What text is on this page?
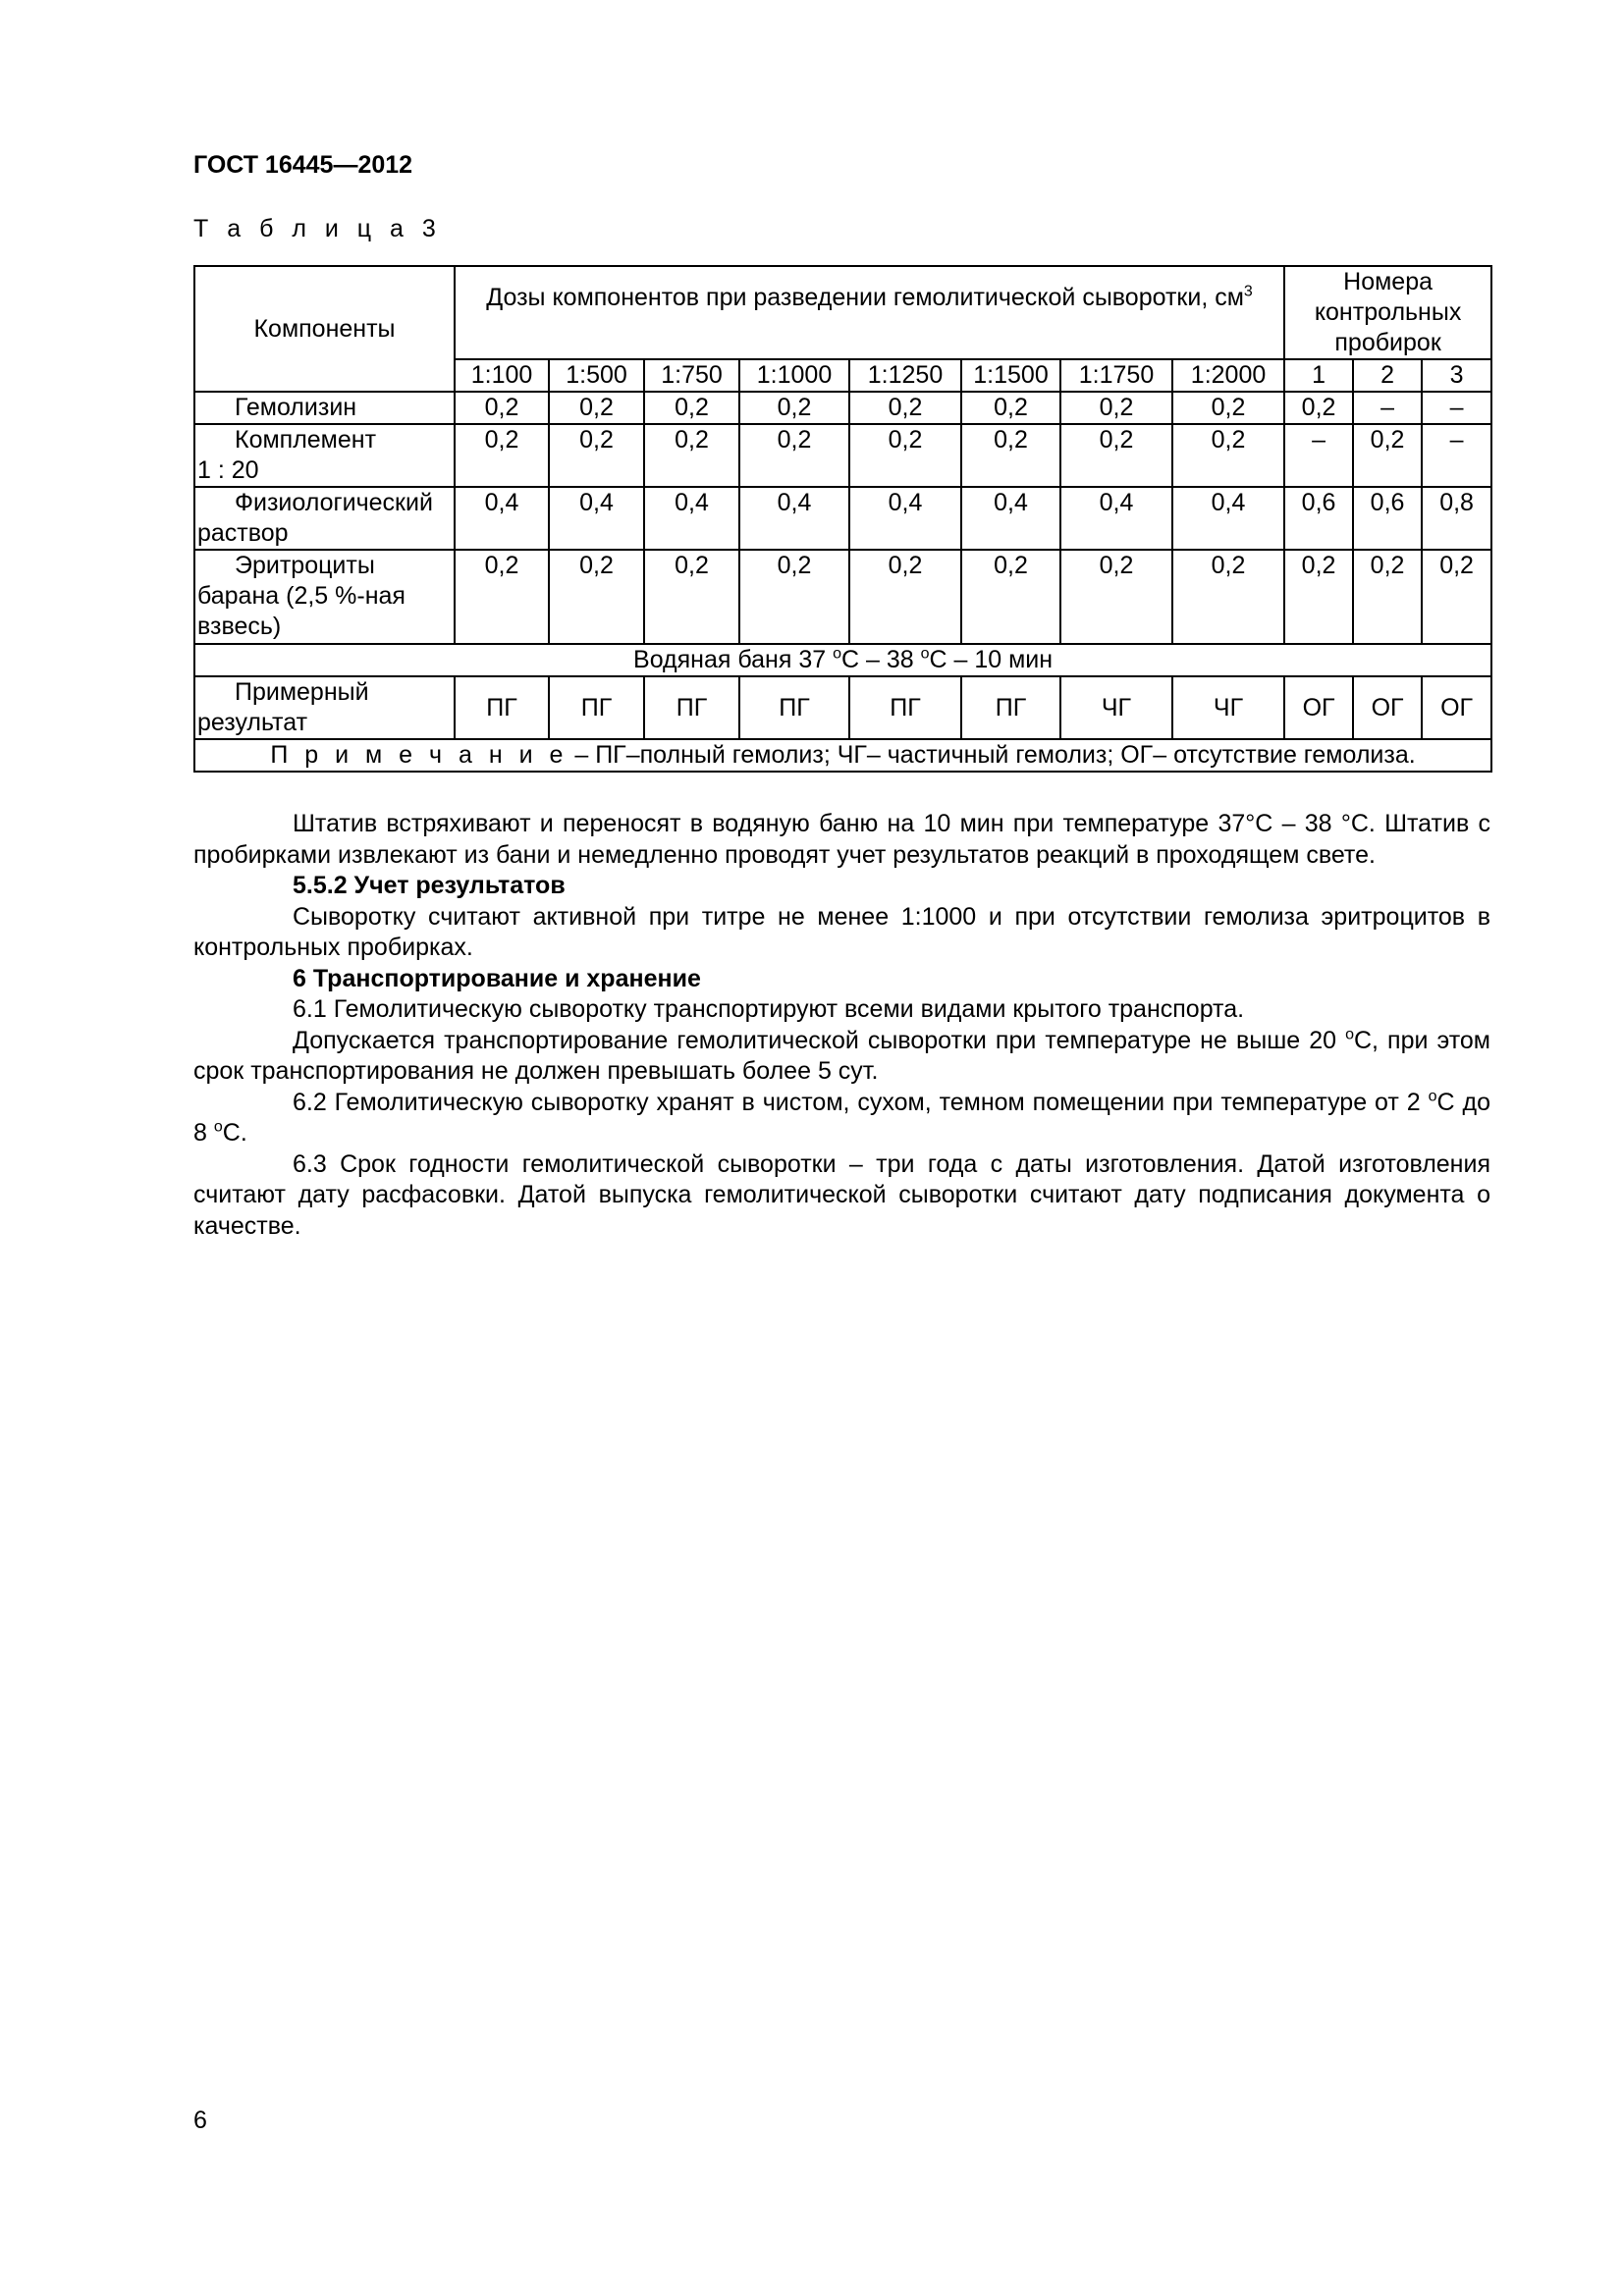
ГОСТ 16445—2012
Т а б л и ц а 3
Компоненты	Дозы компонентов при разведении гемолитической сыворотки, $см^3$								Номера контрольных пробирок		
	1:100	1:500	1:750	1:1000	1:1250	1:1500	1:1750	1:2000	1	2	3

Гемолизин	0,2	0,2	0,2	0,2	0,2	0,2	0,2	0,2	0,2	–	–

Комплемент
1 : 20	0,2	0,2	0,2	0,2	0,2	0,2	0,2	0,2	–	0,2	–

Физиологический
раствор	0,4	0,4	0,4	0,4	0,4	0,4	0,4	0,4	0,6	0,6	0,8

Эритроциты
барана (2,5 %-ная взвесь)	0,2	0,2	0,2	0,2	0,2	0,2	0,2	0,2	0,2	0,2	0,2
Водяная баня 37 $^о$С – 38 $^о$С – 10 мин											

Примерный
результат	ПГ	ПГ	ПГ	ПГ	ПГ	ПГ	ЧГ	ЧГ	ОГ	ОГ	ОГ
П р и м е ч а н и е – ПГ–полный гемолиз; ЧГ– частичный гемолиз; ОГ– отсутствие гемолиза.											

Штатив встряхивают и переносят в водяную баню на 10 мин при температуре 37°С – 38 °С. Штатив с пробирками извлекают из бани и немедленно проводят учет результатов реакций в проходящем свете.

5.5.2 Учет результатов

Сыворотку считают активной при титре не менее 1:1000 и при отсутствии гемолиза эритроцитов в контрольных пробирках.

6 Транспортирование и хранение

6.1 Гемолитическую сыворотку транспортируют всеми видами крытого транспорта.

Допускается транспортирование гемолитической сыворотки при температуре не выше 20 $^о$С, при этом срок транспортирования не должен превышать более 5 сут.

6.2 Гемолитическую сыворотку хранят в чистом, сухом, темном помещении при температуре от 2 $^о$С до 8 $^о$С.

6.3 Срок годности гемолитической сыворотки – три года с даты изготовления. Датой изготовления считают дату расфасовки. Датой выпуска гемолитической сыворотки считают дату подписания документа о качестве.

6
